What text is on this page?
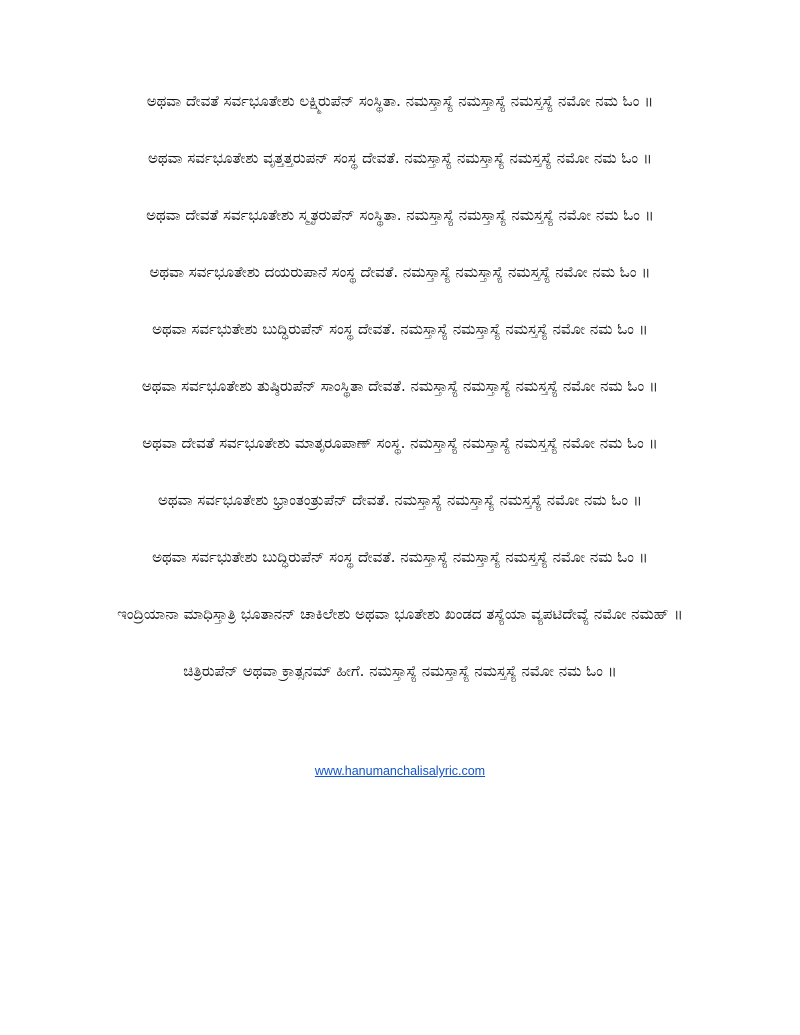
ಅಥವಾ ದೇವತೆ ಸರ್ವಭೂತೇಶು ಲಕ್ಷ್ಮಿರುಪೆನ್ ಸಂಸ್ಥಿತಾ. ನಮಸ್ತಾಸ್ಯೆ ನಮಸ್ತಾಸ್ಯೆ ನಮಸ್ತಸ್ಯೆ ನಮೋ ನಮ ಓಂ ॥

ಅಥವಾ ಸರ್ವಭೂತೇಶು ವೃತ್ತತ್ತರುಪನ್ ಸಂಸ್ಥ ದೇವತೆ. ನಮಸ್ತಾಸ್ಯೆ ನಮಸ್ತಾಸ್ಯೆ ನಮಸ್ತಸ್ಯೆ ನಮೋ ನಮ ಓಂ ॥

ಅಥವಾ ದೇವತೆ ಸರ್ವಭೂತೇಶು ಸ್ಮೃತರುಪೆನ್ ಸಂಸ್ಥಿತಾ. ನಮಸ್ತಾಸ್ಯೆ ನಮಸ್ತಾಸ್ಯೆ ನಮಸ್ತಸ್ಯೆ ನಮೋ ನಮ ಓಂ ॥

ಅಥವಾ ಸರ್ವಭೂತೇಶು ದಯರುಪಾನೆ ಸಂಸ್ಥ ದೇವತೆ. ನಮಸ್ತಾಸ್ಯೆ ನಮಸ್ತಾಸ್ಯೆ ನಮಸ್ತಸ್ಯೆ ನಮೋ ನಮ ಓಂ ॥

ಅಥವಾ ಸರ್ವಭುತೇಶು ಬುದ್ಧಿರುಪೆನ್ ಸಂಸ್ಥ ದೇವತೆ. ನಮಸ್ತಾಸ್ಯೆ ನಮಸ್ತಾಸ್ಯೆ ನಮಸ್ತಸ್ಯೆ ನಮೋ ನಮ ಓಂ ॥

ಅಥವಾ ಸರ್ವಭೂತೇಶು ತುಷ್ಠಿರುಪೆನ್ ಸಾಂಸ್ಥಿತಾ ದೇವತೆ. ನಮಸ್ತಾಸ್ಯೆ ನಮಸ್ತಾಸ್ಯೆ ನಮಸ್ತಸ್ಯೆ ನಮೋ ನಮ ಓಂ ॥

ಅಥವಾ ದೇವತೆ ಸರ್ವಭೂತೇಶು ಮಾತೃರೂಪಾಣ್ ಸಂಸ್ಥ. ನಮಸ್ತಾಸ್ಯೆ ನಮಸ್ತಾಸ್ಯೆ ನಮಸ್ತಸ್ಯೆ ನಮೋ ನಮ ಓಂ ॥

ಅಥವಾ ಸರ್ವಭೂತೇಶು ಭ್ರಾಂತಂತ್ರುಪೆನ್ ದೇವತೆ. ನಮಸ್ತಾಸ್ಯೆ ನಮಸ್ತಾಸ್ಯೆ ನಮಸ್ತಸ್ಯೆ ನಮೋ ನಮ ಓಂ ॥

ಅಥವಾ ಸರ್ವಭುತೇಶು ಬುದ್ಧಿರುಪೆನ್ ಸಂಸ್ಥ ದೇವತೆ. ನಮಸ್ತಾಸ್ಯೆ ನಮಸ್ತಾಸ್ಯೆ ನಮಸ್ತಸ್ಯೆ ನಮೋ ನಮ ಓಂ ॥

ಇಂದ್ರಿಯಾನಾ ಮಾಧಿಸ್ತಾತ್ರಿ ಭೂತಾನನ್ ಚಾಕಿಲೇಶು ಅಥವಾ ಭೂತೇಶು ಖಂಡದ ತಸ್ಯೆಯಾ ವ್ಯಪಟಿದೇವ್ಯೆ ನಮೋ ನಮಹ್ ॥

ಚಿತ್ರಿರುಪೆನ್ ಅಥವಾ ಕ್ರಾತ್ಸನಮ್ ಹೀಗೆ. ನಮಸ್ತಾಸ್ಯೆ ನಮಸ್ತಾಸ್ಯೆ ನಮಸ್ತಸ್ಯೆ ನಮೋ ನಮ ಓಂ ॥

www.hanumanchalisalyric.com
